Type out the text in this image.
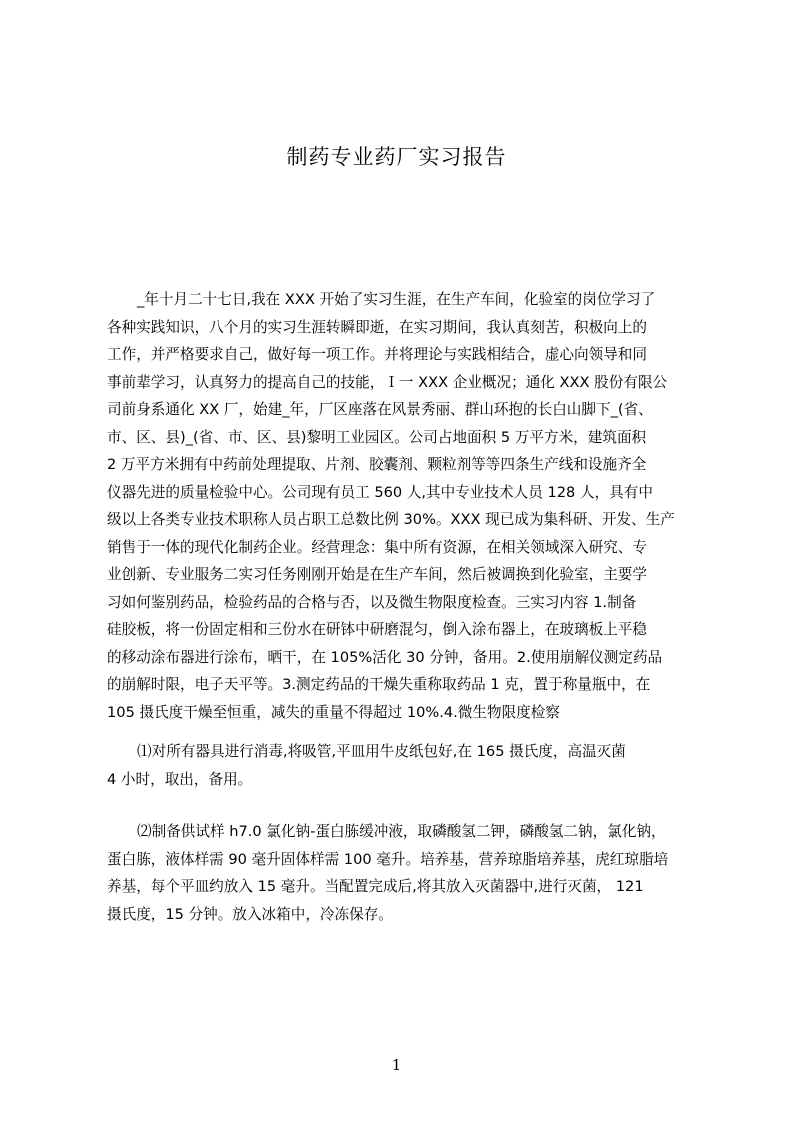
制药专业药厂实习报告
_年十月二十七日,我在 XXX 开始了实习生涯，在生产车间，化验室的岗位学习了
各种实践知识，八个月的实习生涯转瞬即逝，在实习期间，我认真刻苦，积极向上的
工作，并严格要求自己，做好每一项工作。并将理论与实践相结合，虚心向领导和同
事前辈学习，认真努力的提高自己的技能，Ｉ一 XXX 企业概况；通化 XXX 股份有限公
司前身系通化 XX 厂，始建_年，厂区座落在风景秀丽、群山环抱的长白山脚下_(省、
市、区、县)_(省、市、区、县)黎明工业园区。公司占地面积 5 万平方米，建筑面积
2 万平方米拥有中药前处理提取、片剂、胶囊剂、颗粒剂等等四条生产线和设施齐全
仪器先进的质量检验中心。公司现有员工 560 人,其中专业技术人员 128 人，具有中
级以上各类专业技术职称人员占职工总数比例 30%。XXX 现已成为集科研、开发、生产
销售于一体的现代化制药企业。经营理念：集中所有资源，在相关领域深入研究、专
业创新、专业服务二实习任务刚刚开始是在生产车间，然后被调换到化验室，主要学
习如何鉴别药品，检验药品的合格与否，以及微生物限度检查。三实习内容 1.制备
硅胶板，将一份固定相和三份水在研钵中研磨混匀，倒入涂布器上，在玻璃板上平稳
的移动涂布器进行涂布，晒干，在 105%活化 30 分钟，备用。2.使用崩解仪测定药品
的崩解时限，电子天平等。3.测定药品的干燥失重称取药品 1 克，置于称量瓶中，在
105 摄氏度干燥至恒重，减失的重量不得超过 10%.4.微生物限度检察
⑴对所有器具进行消毒,将吸管,平皿用牛皮纸包好,在 165 摄氏度，高温灭菌
4 小时，取出，备用。
⑵制备供试样 h7.0 氯化钠-蛋白胨缓冲液，取磷酸氢二钾，磷酸氢二钠，氯化钠，
蛋白胨，液体样需 90 毫升固体样需 100 毫升。培养基，营养琼脂培养基，虎红琼脂培
养基，每个平皿约放入 15 毫升。当配置完成后,将其放入灭菌器中,进行灭菌， 121
摄氏度，15 分钟。放入冰箱中，冷冻保存。
1
